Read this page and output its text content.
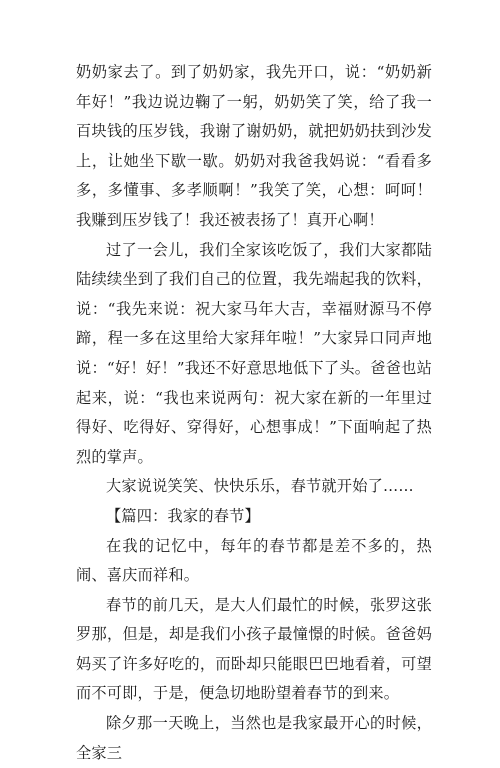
奶奶家去了。到了奶奶家，我先开口，说：“奶奶新年好！”我边说边鞠了一躬，奶奶笑了笑，给了我一百块钱的压岁钱，我谢了谢奶奶，就把奶奶扶到沙发上，让她坐下歇一歇。奶奶对我爸我妈说：“看看多多，多懂事、多孝顺啊！”我笑了笑，心想：呵呵！我赚到压岁钱了！我还被表扬了！真开心啊！

过了一会儿，我们全家该吃饭了，我们大家都陆陆续续坐到了我们自己的位置，我先端起我的饮料，说：“我先来说：祝大家马年大吉，幸福财源马不停蹄，程一多在这里给大家拜年啦！”大家异口同声地说：“好！好！”我还不好意思地低下了头。爸爸也站起来，说：“我也来说两句：祝大家在新的一年里过得好、吃得好、穿得好，心想事成！”下面响起了热烈的掌声。

大家说说笑笑、快快乐乐，春节就开始了……

【篇四：我家的春节】

在我的记忆中，每年的春节都是差不多的，热闹、喜庆而祥和。

春节的前几天，是大人们最忙的时候，张罗这张罗那，但是，却是我们小孩子最憧憬的时候。爸爸妈妈买了许多好吃的，而卧却只能眼巴巴地看着，可望而不可即，于是，便急切地盼望着春节的到来。

除夕那一天晚上，当然也是我家最开心的时候，全家三
